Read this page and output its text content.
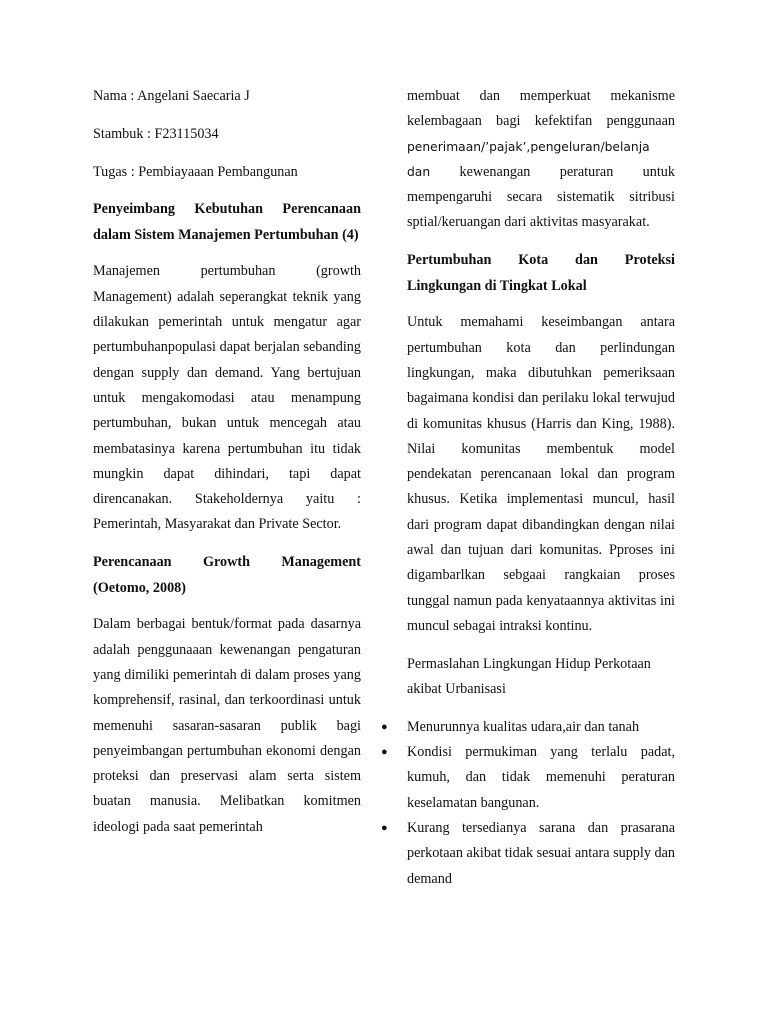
Nama : Angelani Saecaria J

Stambuk : F23115034

Tugas : Pembiayaaan Pembangunan

Penyeimbang Kebutuhan Perencanaan dalam Sistem Manajemen Pertumbuhan (4)

Manajemen pertumbuhan (growth Management) adalah seperangkat teknik yang dilakukan pemerintah untuk mengatur agar pertumbuhanpopulasi dapat berjalan sebanding dengan supply dan demand. Yang bertujuan untuk mengakomodasi atau menampung pertumbuhan, bukan untuk mencegah atau membatasinya karena pertumbuhan itu tidak mungkin dapat dihindari, tapi dapat direncanakan. Stakeholdernya yaitu : Pemerintah, Masyarakat dan Private Sector.

Perencanaan Growth Management (Oetomo, 2008)

Dalam berbagai bentuk/format pada dasarnya adalah penggunaaan kewenangan pengaturan yang dimiliki pemerintah di dalam proses yang komprehensif, rasinal, dan terkoordinasi untuk memenuhi sasaran-sasaran publik bagi penyeimbangan pertumbuhan ekonomi dengan proteksi dan preservasi alam serta sistem buatan manusia. Melibatkan komitmen ideologi pada saat pemerintah

membuat dan memperkuat mekanisme kelembagaan bagi kefektifan penggunaan penerimaan/’pajak’,pengeluran/belanja dan kewenangan peraturan untuk mempengaruhi secara sistematik sitribusi sptial/keruangan dari aktivitas masyarakat.

Pertumbuhan Kota dan Proteksi Lingkungan di Tingkat Lokal

Untuk memahami keseimbangan antara pertumbuhan kota dan perlindungan lingkungan, maka dibutuhkan pemeriksaan bagaimana kondisi dan perilaku lokal terwujud di komunitas khusus (Harris dan King, 1988). Nilai komunitas membentuk model pendekatan perencanaan lokal dan program khusus. Ketika implementasi muncul, hasil dari program dapat dibandingkan dengan nilai awal dan tujuan dari komunitas. Pproses ini digambarlkan sebgaai rangkaian proses tunggal namun pada kenyataannya aktivitas ini muncul sebagai intraksi kontinu.

Permaslahan Lingkungan Hidup Perkotaan akibat Urbanisasi

● Menurunnya kualitas udara,air dan tanah
● Kondisi permukiman yang terlalu padat, kumuh, dan tidak memenuhi peraturan keselamatan bangunan.
● Kurang tersedianya sarana dan prasarana perkotaan akibat tidak sesuai antara supply dan demand
